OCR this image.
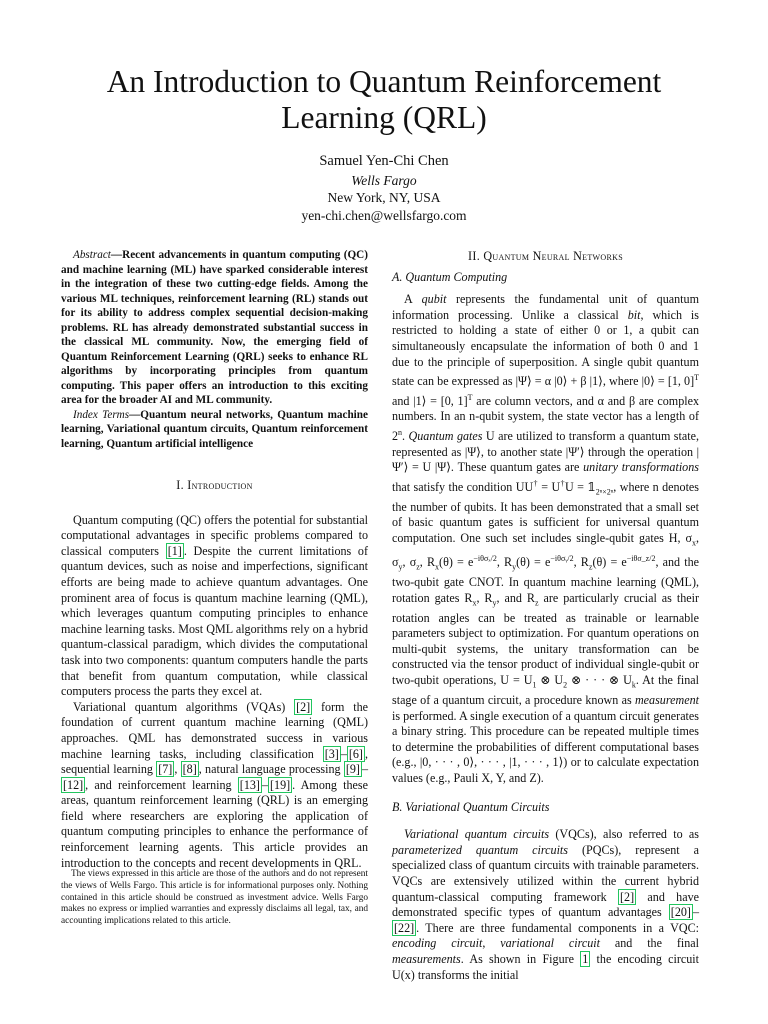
An Introduction to Quantum Reinforcement
Learning (QRL)
Samuel Yen-Chi Chen
Wells Fargo
New York, NY, USA
yen-chi.chen@wellsfargo.com

Abstract—Recent advancements in quantum computing (QC) and machine learning (ML) have sparked considerable interest in the integration of these two cutting-edge fields. Among the various ML techniques, reinforcement learning (RL) stands out for its ability to address complex sequential decision-making problems. RL has already demonstrated substantial success in the classical ML community. Now, the emerging field of Quantum Reinforcement Learning (QRL) seeks to enhance RL algorithms by incorporating principles from quantum computing. This paper offers an introduction to this exciting area for the broader AI and ML community.

Index Terms—Quantum neural networks, Quantum machine learning, Variational quantum circuits, Quantum reinforcement learning, Quantum artificial intelligence

I. Introduction

Quantum computing (QC) offers the potential for substantial computational advantages in specific problems compared to classical computers [1] . Despite the current limitations of quantum devices, such as noise and imperfections, significant efforts are being made to achieve quantum advantages. One prominent area of focus is quantum machine learning (QML), which leverages quantum computing principles to enhance machine learning tasks. Most QML algorithms rely on a hybrid quantum-classical paradigm, which divides the computational task into two components: quantum computers handle the parts that benefit from quantum computation, while classical computers process the parts they excel at.

Variational quantum algorithms (VQAs) [2] form the foundation of current quantum machine learning (QML) approaches. QML has demonstrated success in various machine learning tasks, including classification [3] – [6] , sequential learning [7] , [8] , natural language processing [9] –[12] , and reinforcement learning [13] – [19] . Among these areas, quantum reinforcement learning (QRL) is an emerging field where researchers are exploring the application of quantum computing principles to enhance the performance of reinforcement learning agents. This article provides an introduction to the concepts and recent developments in QRL.

The views expressed in this article are those of the authors and do not represent the views of Wells Fargo. This article is for informational purposes only. Nothing contained in this article should be construed as investment advice. Wells Fargo makes no express or implied warranties and expressly disclaims all legal, tax, and accounting implications related to this article.

II. Quantum Neural Networks

A. Quantum Computing

A qubit represents the fundamental unit of quantum information processing. Unlike a classical bit, which is restricted to holding a state of either 0 or 1, a qubit can simultaneously encapsulate the information of both 0 and 1 due to the principle of superposition. A single qubit quantum state can be expressed as |Ψ⟩ = α |0⟩ + β |1⟩, where |0⟩ = [1, 0]$^T$ and |1⟩ = [0, 1]$^T$ are column vectors, and α and β are complex numbers. In an n-qubit system, the state vector has a length of 2$^n$. Quantum gates U are utilized to transform a quantum state, represented as |Ψ⟩, to another state |Ψ′⟩ through the operation |Ψ′⟩ = U |Ψ⟩. These quantum gates are unitary transformations that satisfy the condition $UU^\dagger = U^\dagger U = 𝟙_{2^n\times 2^n}$, where n denotes the number of qubits. It has been demonstrated that a small set of basic quantum gates is sufficient for universal quantum computation. One such set includes single-qubit gates H, $\sigma_x$, $\sigma_y$, $\sigma_z$, $R_x(\theta) = e^{-i\theta\sigma_x/2}$, $R_y(\theta) = e^{-i\theta\sigma ᵧ/2}$, $R_z(\theta) = e^{-i\theta\sigma\_z/2}$, and the two-qubit gate CNOT. In quantum machine learning (QML), rotation gates $R_x$, $R_y$, and $R_z$ are particularly crucial as their rotation angles can be treated as trainable or learnable parameters subject to optimization. For quantum operations on multi-qubit systems, the unitary transformation can be constructed via the tensor product of individual single-qubit or two-qubit operations, $U = U_1$ ⊗ $U_2$ ⊗ · · · ⊗ $U_k$. At the final stage of a quantum circuit, a procedure known as measurement is performed. A single execution of a quantum circuit generates a binary string. This procedure can be repeated multiple times to determine the probabilities of different computational bases (e.g., |0, · · · , 0⟩, · · · , |1, · · · , 1⟩) or to calculate expectation values (e.g., Pauli X, Y, and Z).

B. Variational Quantum Circuits

Variational quantum circuits (VQCs), also referred to as parameterized quantum circuits (PQCs), represent a specialized class of quantum circuits with trainable parameters. VQCs are extensively utilized within the current hybrid quantum-classical computing framework [2] and have demonstrated specific types of quantum advantages [20] –[22] . There are three fundamental components in a VQC: encoding circuit, variational circuit and the final measurements. As shown in Figure 1 the encoding circuit U(x) transforms the initial
